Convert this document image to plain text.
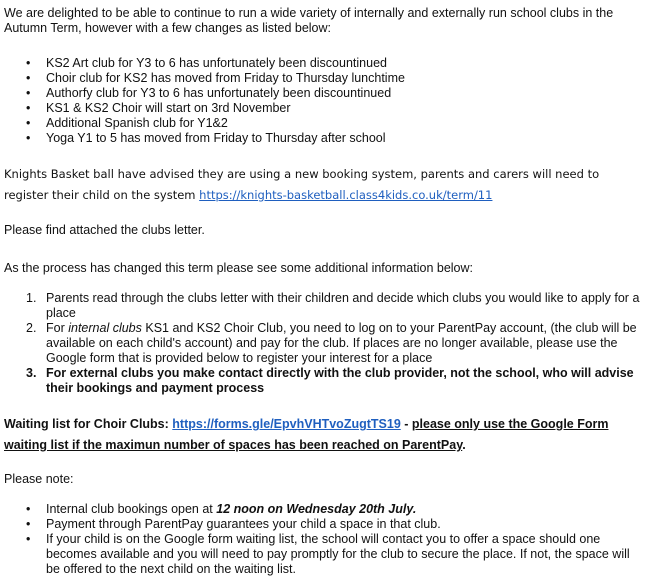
We are delighted to be able to continue to run a wide variety of internally and externally run school clubs in the Autumn Term, however with a few changes as listed below:

•	KS2 Art club for Y3 to 6 has unfortunately been discountinued
•	Choir club for KS2 has moved from Friday to Thursday lunchtime
•	Authorfy club for Y3 to 6 has unfortunately been discountinued
•	KS1 & KS2 Choir will start on 3rd November
•	Additional Spanish club for Y1&2
•	Yoga Y1 to 5 has moved from Friday to Thursday after school

Knights Basket ball have advised they are using a new booking system, parents and carers will need to register their child on the system https://knights-basketball.class4kids.co.uk/term/11

Please find attached the clubs letter.

As the process has changed this term please see some additional information below:

1. Parents read through the clubs letter with their children and decide which clubs you would like to apply for a place
2. For internal clubs KS1 and KS2 Choir Club, you need to log on to your ParentPay account, (the club will be available on each child's account) and pay for the club. If places are no longer available, please use the Google form that is provided below to register your interest for a place
3. For external clubs you make contact directly with the club provider, not the school, who will advise their bookings and payment process

Waiting list for Choir Clubs: https://forms.gle/EpvhVHTvoZugtTS19 - please only use the Google Form waiting list if the maximun number of spaces has been reached on ParentPay.

Please note:

•	Internal club bookings open at 12 noon on Wednesday 20th July.
•	Payment through ParentPay guarantees your child a space in that club.
•	If your child is on the Google form waiting list, the school will contact you to offer a space should one becomes available and you will need to pay promptly for the club to secure the place. If not, the space will be offered to the next child on the waiting list.
